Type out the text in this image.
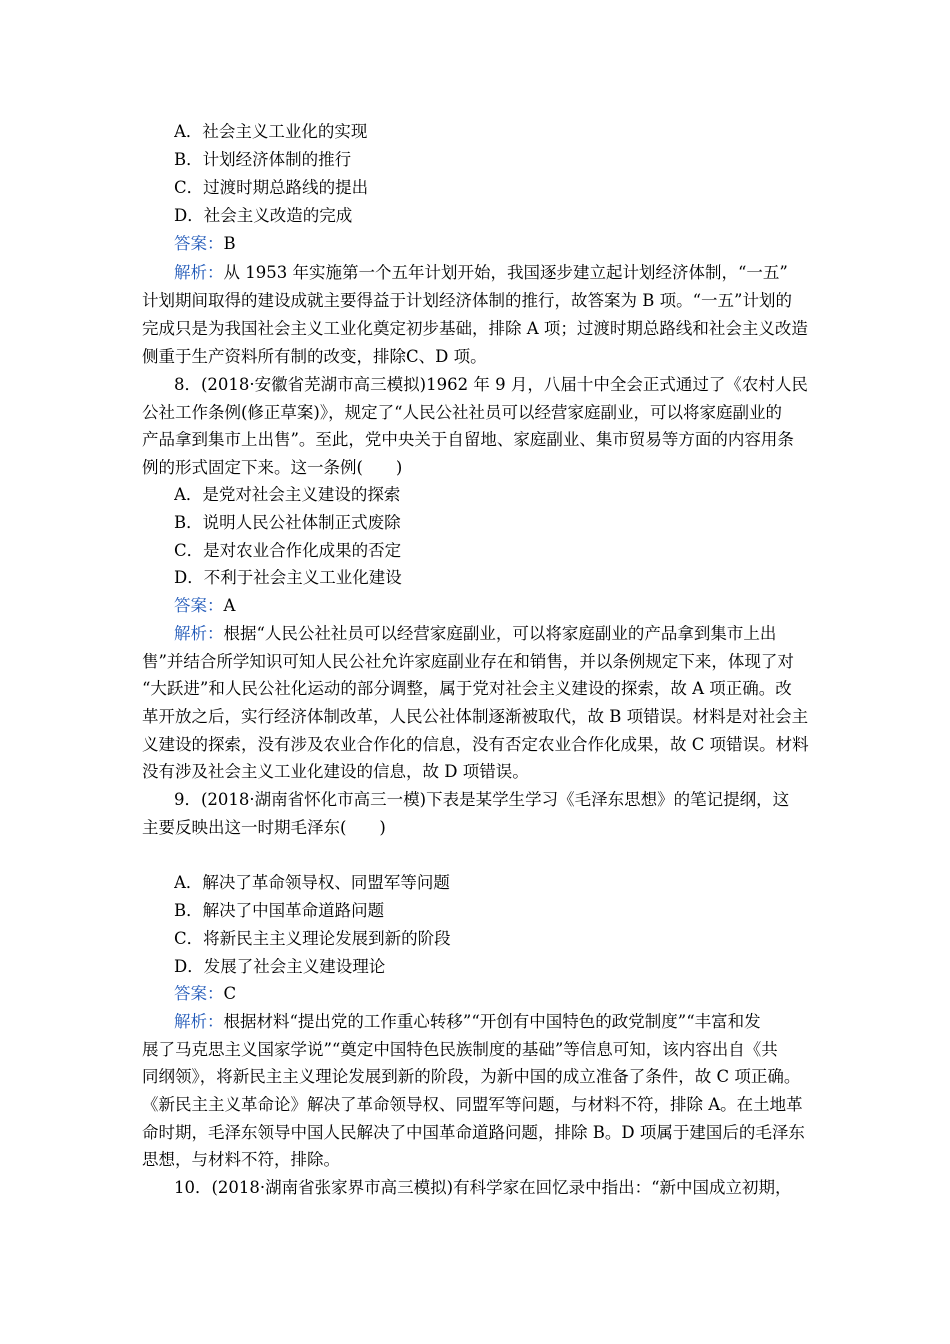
A．社会主义工业化的实现
B．计划经济体制的推行
C．过渡时期总路线的提出
D．社会主义改造的完成
答案：B
解析：从 1953 年实施第一个五年计划开始，我国逐步建立起计划经济体制，“一五”
计划期间取得的建设成就主要得益于计划经济体制的推行，故答案为 B 项。“一五”计划的
完成只是为我国社会主义工业化奠定初步基础，排除 A 项；过渡时期总路线和社会主义改造
侧重于生产资料所有制的改变，排除C、D 项。
8．(2018·安徽省芜湖市高三模拟)1962 年 9 月，八届十中全会正式通过了《农村人民
公社工作条例(修正草案)》，规定了“人民公社社员可以经营家庭副业，可以将家庭副业的
产品拿到集市上出售”。至此，党中央关于自留地、家庭副业、集市贸易等方面的内容用条
例的形式固定下来。这一条例(　　)
A．是党对社会主义建设的探索
B．说明人民公社体制正式废除
C．是对农业合作化成果的否定
D．不利于社会主义工业化建设
答案：A
解析：根据“人民公社社员可以经营家庭副业，可以将家庭副业的产品拿到集市上出
售”并结合所学知识可知人民公社允许家庭副业存在和销售，并以条例规定下来，体现了对
“大跃进”和人民公社化运动的部分调整，属于党对社会主义建设的探索，故 A 项正确。改
革开放之后，实行经济体制改革，人民公社体制逐渐被取代，故 B 项错误。材料是对社会主
义建设的探索，没有涉及农业合作化的信息，没有否定农业合作化成果，故 C 项错误。材料
没有涉及社会主义工业化建设的信息，故 D 项错误。
9．(2018·湖南省怀化市高三一模)下表是某学生学习《毛泽东思想》的笔记提纲，这
主要反映出这一时期毛泽东(　　)
A．解决了革命领导权、同盟军等问题
B．解决了中国革命道路问题
C．将新民主主义理论发展到新的阶段
D．发展了社会主义建设理论
答案：C
解析：根据材料“提出党的工作重心转移”“开创有中国特色的政党制度”“丰富和发
展了马克思主义国家学说”“奠定中国特色民族制度的基础”等信息可知，该内容出自《共
同纲领》，将新民主主义理论发展到新的阶段，为新中国的成立准备了条件，故 C 项正确。
《新民主主义革命论》解决了革命领导权、同盟军等问题，与材料不符，排除 A。在土地革
命时期，毛泽东领导中国人民解决了中国革命道路问题，排除 B。D 项属于建国后的毛泽东
思想，与材料不符，排除。
10．(2018·湖南省张家界市高三模拟)有科学家在回忆录中指出：“新中国成立初期，
